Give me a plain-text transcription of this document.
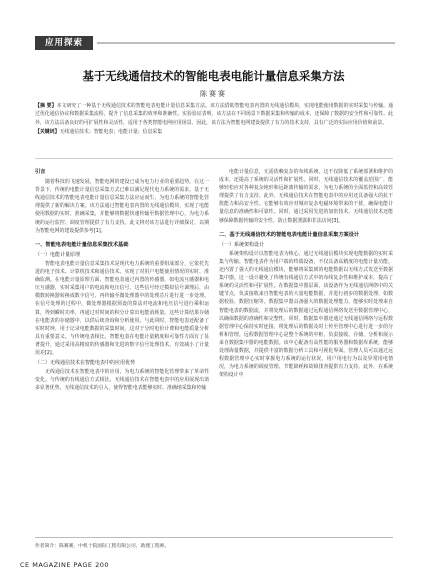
应用探索
基于无线通信技术的智能电表电能计量信息采集方法
陈赛赛
【摘 要】本文研究了一种基于无线通信技术的智能电表电能计量信息采集方法。该方法借助智能电表内置的无线通信模块，实现电能使用数据的实时采集与传输。通过优化通信协议和数据采集流程，提升了信息采集的效率和准确性。实验验证表明，该方法在不同场景下数据采集和传输的成本，还保障了数据的安全性和可靠性。此外，该方法具备良好的可扩展性和灵活性，适用于各类智能电网应用场景。因此，该方法为智能电网建设提供了有力的技术支持，具有广泛的实际应用价值和前景。
【关键词】无线通信技术；智能电表；电能计量；信息采集
引言

随着科技的飞速发展，智能电网的建设已成为电力行业的重要趋势。在这一背景下，传统的电能计量信息采集方式已难以满足现代电力系统的需求。基于无线通信技术的智能电表电能计量信息采集方法应运而生，为电力系统的智能化管理提供了新的解决方案。该方法通过智能电表内置的无线通信模块，实现了电能使用数据的实时、准确采集，并能够将数据快速传输至数据管理中心，为电力系统的运行监控、调度管理提供了有力支持。此文将对该方法进行详细探讨，以期为智能电网的建设提供参考[1]。

一、智能电表电能计量信息采集技术基础
（一）电能计量原理

智能电表电能计量信息采集技术是现代电力系统的重要组成部分，它依托先进的电子技术、计算机技术和通信技术，实现了对用户电能使用情况的实时、准确监测。在电能计量原理方面，智能电表通过内置的传感器，如电流互感器和电压互感器，实时采集用户的电流和电压信号。这些信号经过模拟信号调理后，由模数转换器转换成数字信号，再传输至微处理器中的处理芯片进行进一步处理。在信号处理的过程中，微处理器根据预设的算法对电流和电压信号进行乘积运算，得到瞬时功率，再通过对时间的积分计算出电能消耗量。这些计算结果存储在电能表的存储器中，以供后续查询和分析使用。与此同时，智能电表还配备了实时时钟，用于记录电能数据的采集时间，这对于分时电价计费和电能质量分析具有重要意义。与传统电表相比，智能电表在电能计量精度和可靠性方面有了显著提升，通过采用高精度的传感器和先进的数字信号处理技术，有效减小了计量误差[2]。

（二）无线通信技术在智能电表中的应用优势

无线通信技术在智能电表中的应用，为电力系统的智能化管理带来了革命性变化。与传统的有线通信方式相比，无线通信技术在智能电表中的应用展现出诸多显著优势。无线通信技术的引入，使得智能电表能够实时、准确地采集和传输

电能计量信息，无需依赖复杂的布线系统，这不仅降低了系统部署和维护的成本，还提高了系统的灵活性和扩展性。同时，无线通信技术的覆盖范围广，能够轻松应对各种复杂地形和远距离传输的需求，为电力系统的全面监控和高效管理提供了有力支持。此外，无线通信技术在智能电表中的应用还具备强大的抗干扰能力和高安全性。它能够有效应对城市复杂电磁环境带来的干扰，确保电能计量信息的准确性和可靠性。同时，通过采用先进的加密技术，无线通信技术还能够保障数据传输的安全性，防止数据泄露和非法访问[3]。

二、基于无线通信技术的智能电表电能计量信息采集方案设计
（一）系统架构设计

系统架构设计以智能电表为核心，通过无线通信模块实现电能数据的实时采集与传输。智能电表作为用户端的终端设备，不仅具备高精度的电能计量功能，还内置了强大的无线通信模块，能够将采集到的电能数据以无线方式发送至数据集中器。这一设计避免了传统有线通信方式中的布线复杂性和维护成本，提高了系统的灵活性和可扩展性。在数据集中器层面，该设备作为无线通信网络中的关键节点，负责接收来自智能电表的大量电能数据，并进行初步的数据处理，如数据校验、数据压缩等。数据集中器具备强大的数据处理能力，能够实时处理来自智能电表的数据流，并将处理后的数据通过远程通信网络发送至数据管理中心，以确保数据的准确性和完整性。同时，数据集中器还通过无线通信网络与远程数据管理中心保持实时连接，将处理后的数据及时上传至管理中心进行进一步的分析和管理。远程数据管理中心是整个系统的中枢，负责接收、存储、分析和展示来自数据集中器的电能数据。该中心配备有高性能的服务器和数据库系统，能够处理海量数据，并提供丰富的数据分析工具和可视化界面。管理人员可以通过远程数据管理中心实时掌握电力系统的运行状况，用户用电行为以及异常用电情况，为电力系统的调度管理、节能降耗和故障排查提供有力支持。此外，在系统架构设计中

作者简介：陈赛赛，中机十院国际工程有限公司，助理工程师。
CE MAGAZINE PAGE 200
